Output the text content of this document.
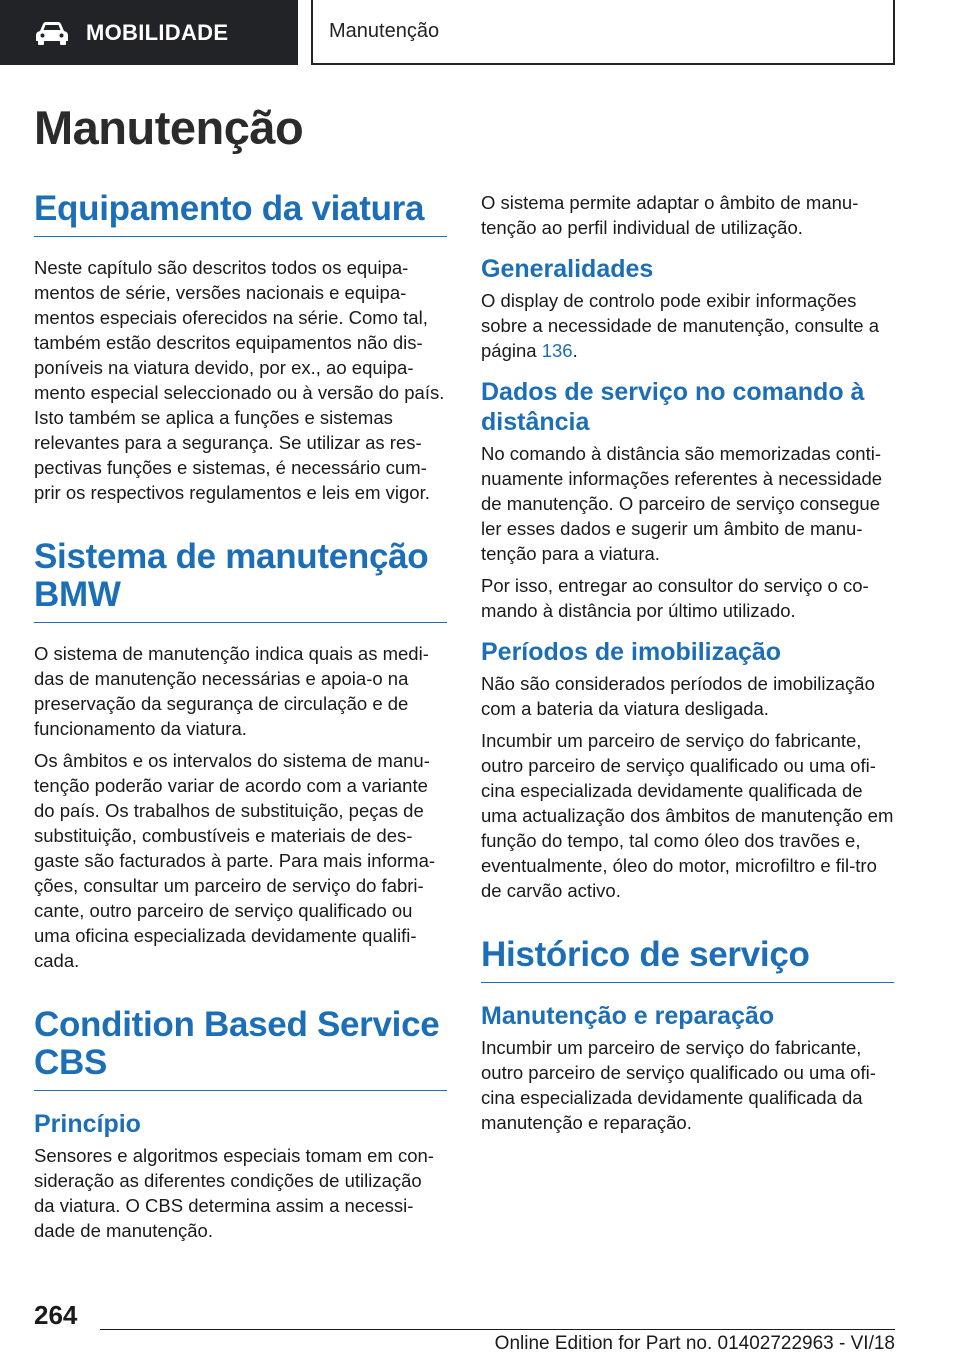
MOBILIDADE	Manutenção
Manutenção
Equipamento da viatura

Neste capítulo são descritos todos os equipa-mentos de série, versões nacionais e equipa-mentos especiais oferecidos na série. Como tal, também estão descritos equipamentos não dis-poníveis na viatura devido, por ex., ao equipa-mento especial seleccionado ou à versão do país. Isto também se aplica a funções e sistemas relevantes para a segurança. Se utilizar as res-pectivas funções e sistemas, é necessário cum-prir os respectivos regulamentos e leis em vigor.

Sistema de manutenção BMW

O sistema de manutenção indica quais as medi-das de manutenção necessárias e apoia-o na preservação da segurança de circulação e de funcionamento da viatura.

Os âmbitos e os intervalos do sistema de manu-tenção poderão variar de acordo com a variante do país. Os trabalhos de substituição, peças de substituição, combustíveis e materiais de des-gaste são facturados à parte. Para mais informa-ções, consultar um parceiro de serviço do fabri-cante, outro parceiro de serviço qualificado ou uma oficina especializada devidamente qualifi-cada.

Condition Based Service CBS
Princípio

Sensores e algoritmos especiais tomam em con-sideração as diferentes condições de utilização da viatura. O CBS determina assim a necessi-dade de manutenção.

O sistema permite adaptar o âmbito de manu-tenção ao perfil individual de utilização.

Generalidades

O display de controlo pode exibir informações sobre a necessidade de manutenção, consulte a página 136.

Dados de serviço no comando à distância

No comando à distância são memorizadas conti-nuamente informações referentes à necessidade de manutenção. O parceiro de serviço consegue ler esses dados e sugerir um âmbito de manu-tenção para a viatura.

Por isso, entregar ao consultor do serviço o co-mando à distância por último utilizado.

Períodos de imobilização

Não são considerados períodos de imobilização com a bateria da viatura desligada.

Incumbir um parceiro de serviço do fabricante, outro parceiro de serviço qualificado ou uma ofi-cina especializada devidamente qualificada de uma actualização dos âmbitos de manutenção em função do tempo, tal como óleo dos travões e, eventualmente, óleo do motor, microfiltro e fil-tro de carvão activo.

Histórico de serviço
Manutenção e reparação

Incumbir um parceiro de serviço do fabricante, outro parceiro de serviço qualificado ou uma ofi-cina especializada devidamente qualificada da manutenção e reparação.

264
Online Edition for Part no. 01402722963 - VI/18
